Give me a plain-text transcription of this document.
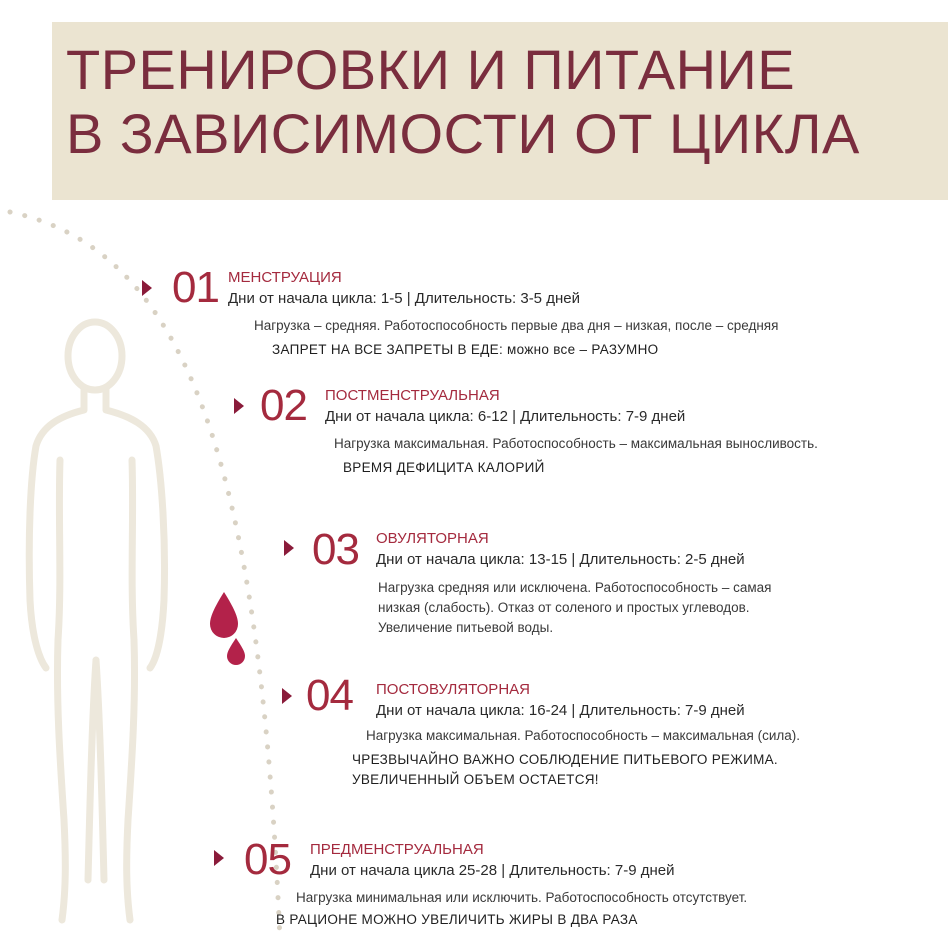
ТРЕНИРОВКИ И ПИТАНИЕ
В ЗАВИСИМОСТИ ОТ ЦИКЛА
01 МЕНСТРУАЦИЯ
Дни от начала цикла: 1-5 | Длительность: 3-5 дней
Нагрузка – средняя. Работоспособность первые два дня – низкая, после – средняя
ЗАПРЕТ НА ВСЕ ЗАПРЕТЫ В ЕДЕ: можно все – РАЗУМНО
02 ПОСТМЕНСТРУАЛЬНАЯ
Дни от начала цикла: 6-12 | Длительность: 7-9 дней
Нагрузка максимальная. Работоспособность – максимальная выносливость.
ВРЕМЯ ДЕФИЦИТА КАЛОРИЙ
03 ОВУЛЯТОРНАЯ
Дни от начала цикла: 13-15 | Длительность: 2-5 дней
Нагрузка средняя или исключена. Работоспособность – самая
низкая (слабость). Отказ от соленого и простых углеводов.
Увеличение питьевой воды.
04 ПОСТОВУЛЯТОРНАЯ
Дни от начала цикла: 16-24 | Длительность: 7-9 дней
Нагрузка максимальная. Работоспособность – максимальная (сила).
ЧРЕЗВЫЧАЙНО ВАЖНО СОБЛЮДЕНИЕ ПИТЬЕВОГО РЕЖИМА.
УВЕЛИЧЕННЫЙ ОБЪЕМ ОСТАЕТСЯ!
05 ПРЕДМЕНСТРУАЛЬНАЯ
Дни от начала цикла 25-28 | Длительность: 7-9 дней
Нагрузка минимальная или исключить. Работоспособность отсутствует.
В РАЦИОНЕ МОЖНО УВЕЛИЧИТЬ ЖИРЫ В ДВА РАЗА
